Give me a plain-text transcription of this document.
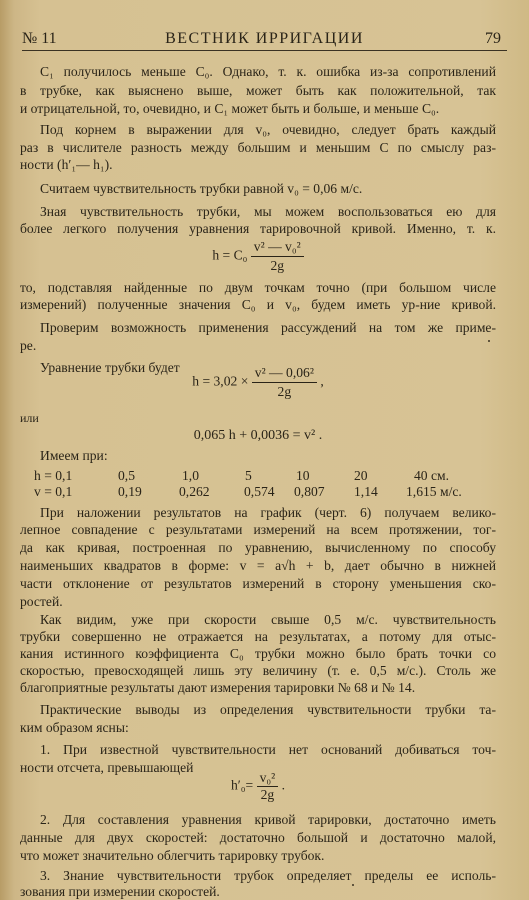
№ 11	ВЕСТНИК ИРРИГАЦИИ	79
C₁ получилось меньше C₀. Однако, т. к. ошибка из-за сопротивлений
в трубке, как выяснено выше, может быть как положительной, так
и отрицательной, то, очевидно, и C₁ может быть и больше, и меньше C₀.
Под корнем в выражении для v₀, очевидно, следует брать каждый
раз в числителе разность между большим и меньшим C по смыслу раз-
ности (h′₁— h₁).
Считаем чувствительность трубки равной v₀ = 0,06 м/с.
Зная чувствительность трубки, мы можем воспользоваться ею для
более легкого получения уравнения тарировочной кривой. Именно, т. к.
$h = C_0 \frac{\text{v² — v₀²}}{2g}$
то, подставляя найденные по двум точкам точно (при большом числе
измерений) полученные значения C₀ и v₀, будем иметь ур-ние кривой.
Проверим возможность применения рассуждений на том же приме-
ре.
Уравнение трубки будет
$h = 3,02 \times \frac{\text{v² — 0,06²}}{2g}$ ,
или
0,065 h + 0,0036 = v² .
Имеем при:
h = 0,1	0,5	1,0	5	10	20	40 см.
v = 0,1	0,19	0,262	0,574 0,807 1,14 1,615 м/с.
При наложении результатов на график (черт. 6) получаем велико-
лепное совпадение с результатами измерений на всем протяжении, тог-
да как кривая, построенная по уравнению, вычисленному по способу
наименьших квадратов в форме: v = a√h + b, дает обычно в нижней
части отклонение от результатов измерений в сторону уменьшения ско-
ростей.
Как видим, уже при скорости свыше 0,5 м/с. чувствительность
трубки совершенно не отражается на результатах, а потому для отыс-
кания истинного коэффициента C₀ трубки можно было брать точки со
скоростью, превосходящей лишь эту величину (т. е. 0,5 м/с.). Столь же
благоприятные результаты дают измерения тарировки № 68 и № 14.
Практические выводы из определения чувствительности трубки та-
ким образом ясны:
1. При известной чувствительности нет оснований добиваться точ-
ности отсчета, превышающей
$h'_0= \frac{\text{v₀²}}{2g}$ .
2. Для составления уравнения кривой тарировки, достаточно иметь
данные для двух скоростей: достаточно большой и достаточно малой,
что может значительно облегчить тарировку трубок.
3. Знание чувствительности трубок определяет пределы ее исполь-
зования при измерении скоростей.
